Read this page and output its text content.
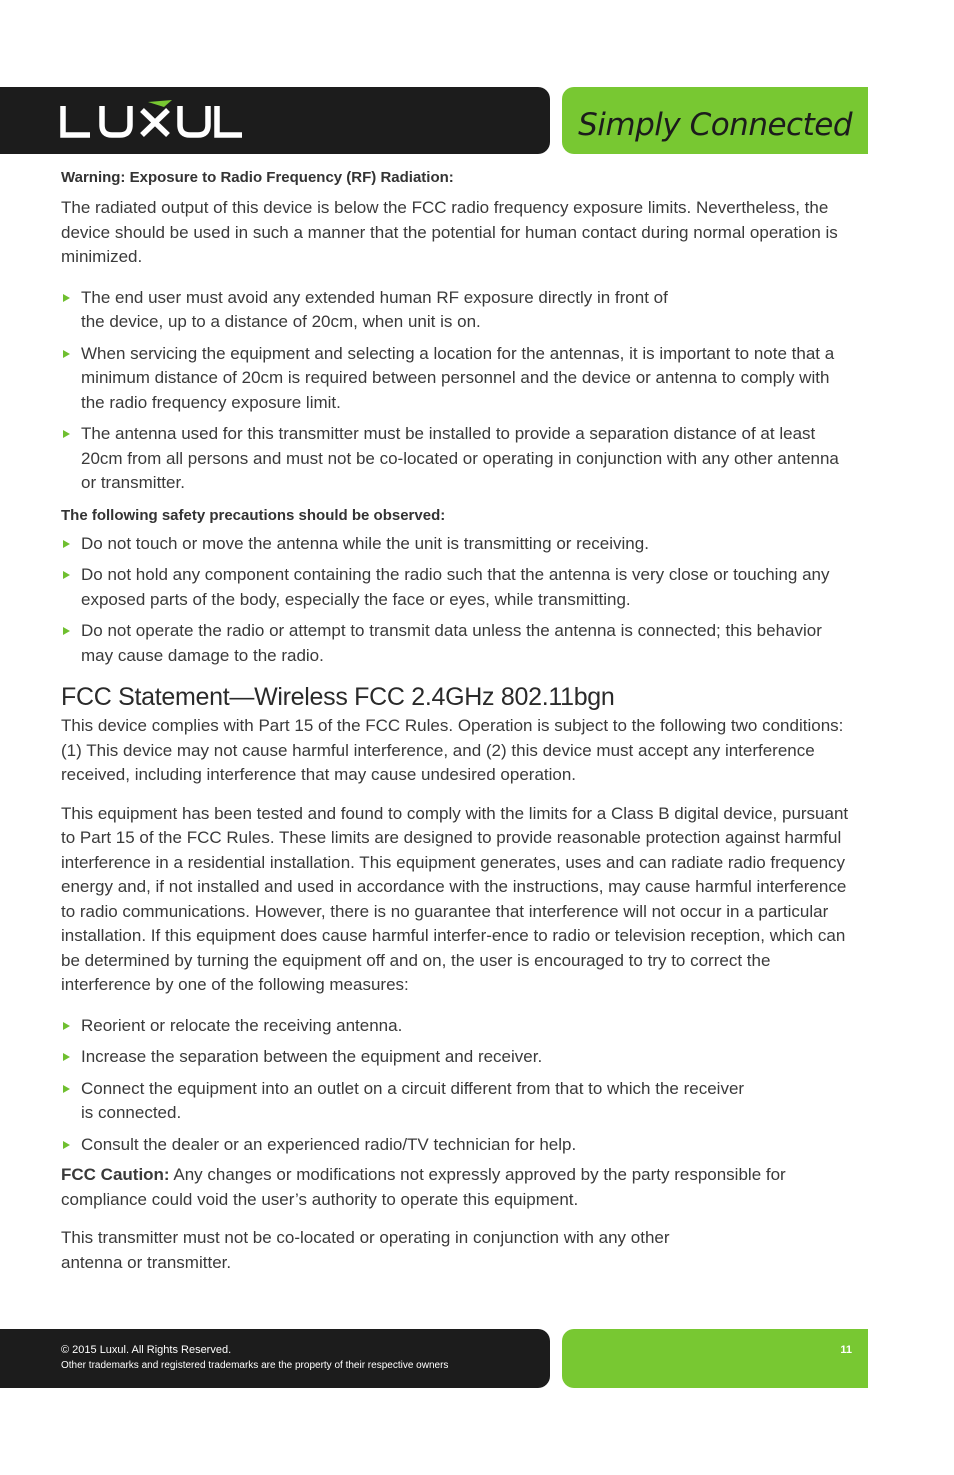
Simply Connected
Warning: Exposure to Radio Frequency (RF) Radiation:

The radiated output of this device is below the FCC radio frequency exposure limits. Nevertheless, the device should be used in such a manner that the potential for human contact during normal operation is minimized.

The end user must avoid any extended human RF exposure directly in front of the device, up to a distance of 20cm, when unit is on.
When servicing the equipment and selecting a location for the antennas, it is important to note that a minimum distance of 20cm is required between personnel and the device or antenna to comply with the radio frequency exposure limit.
The antenna used for this transmitter must be installed to provide a separation distance of at least 20cm from all persons and must not be co-located or operating in conjunction with any other antenna or transmitter.
The following safety precautions should be observed:
Do not touch or move the antenna while the unit is transmitting or receiving.
Do not hold any component containing the radio such that the antenna is very close or touching any exposed parts of the body, especially the face or eyes, while transmitting.
Do not operate the radio or attempt to transmit data unless the antenna is connected; this behavior may cause damage to the radio.
FCC Statement—Wireless FCC 2.4GHz 802.11bgn

This device complies with Part 15 of the FCC Rules. Operation is subject to the following two conditions: (1) This device may not cause harmful interference, and (2) this device must accept any interference received, including interference that may cause undesired operation.

This equipment has been tested and found to comply with the limits for a Class B digital device, pursuant to Part 15 of the FCC Rules. These limits are designed to provide reasonable protection against harmful interference in a residential installation. This equipment generates, uses and can radiate radio frequency energy and, if not installed and used in accordance with the instructions, may cause harmful interference to radio communications. However, there is no guarantee that interference will not occur in a particular installation. If this equipment does cause harmful interfer-ence to radio or television reception, which can be determined by turning the equipment off and on, the user is encouraged to try to correct the interference by one of the following measures:

Reorient or relocate the receiving antenna.
Increase the separation between the equipment and receiver.
Connect the equipment into an outlet on a circuit different from that to which the receiver is connected.
Consult the dealer or an experienced radio/TV technician for help.

FCC Caution: Any changes or modifications not expressly approved by the party responsible for compliance could void the user’s authority to operate this equipment.

This transmitter must not be co-located or operating in conjunction with any other antenna or transmitter.

© 2015 Luxul. All Rights Reserved.
Other trademarks and registered trademarks are the property of their respective owners
11
